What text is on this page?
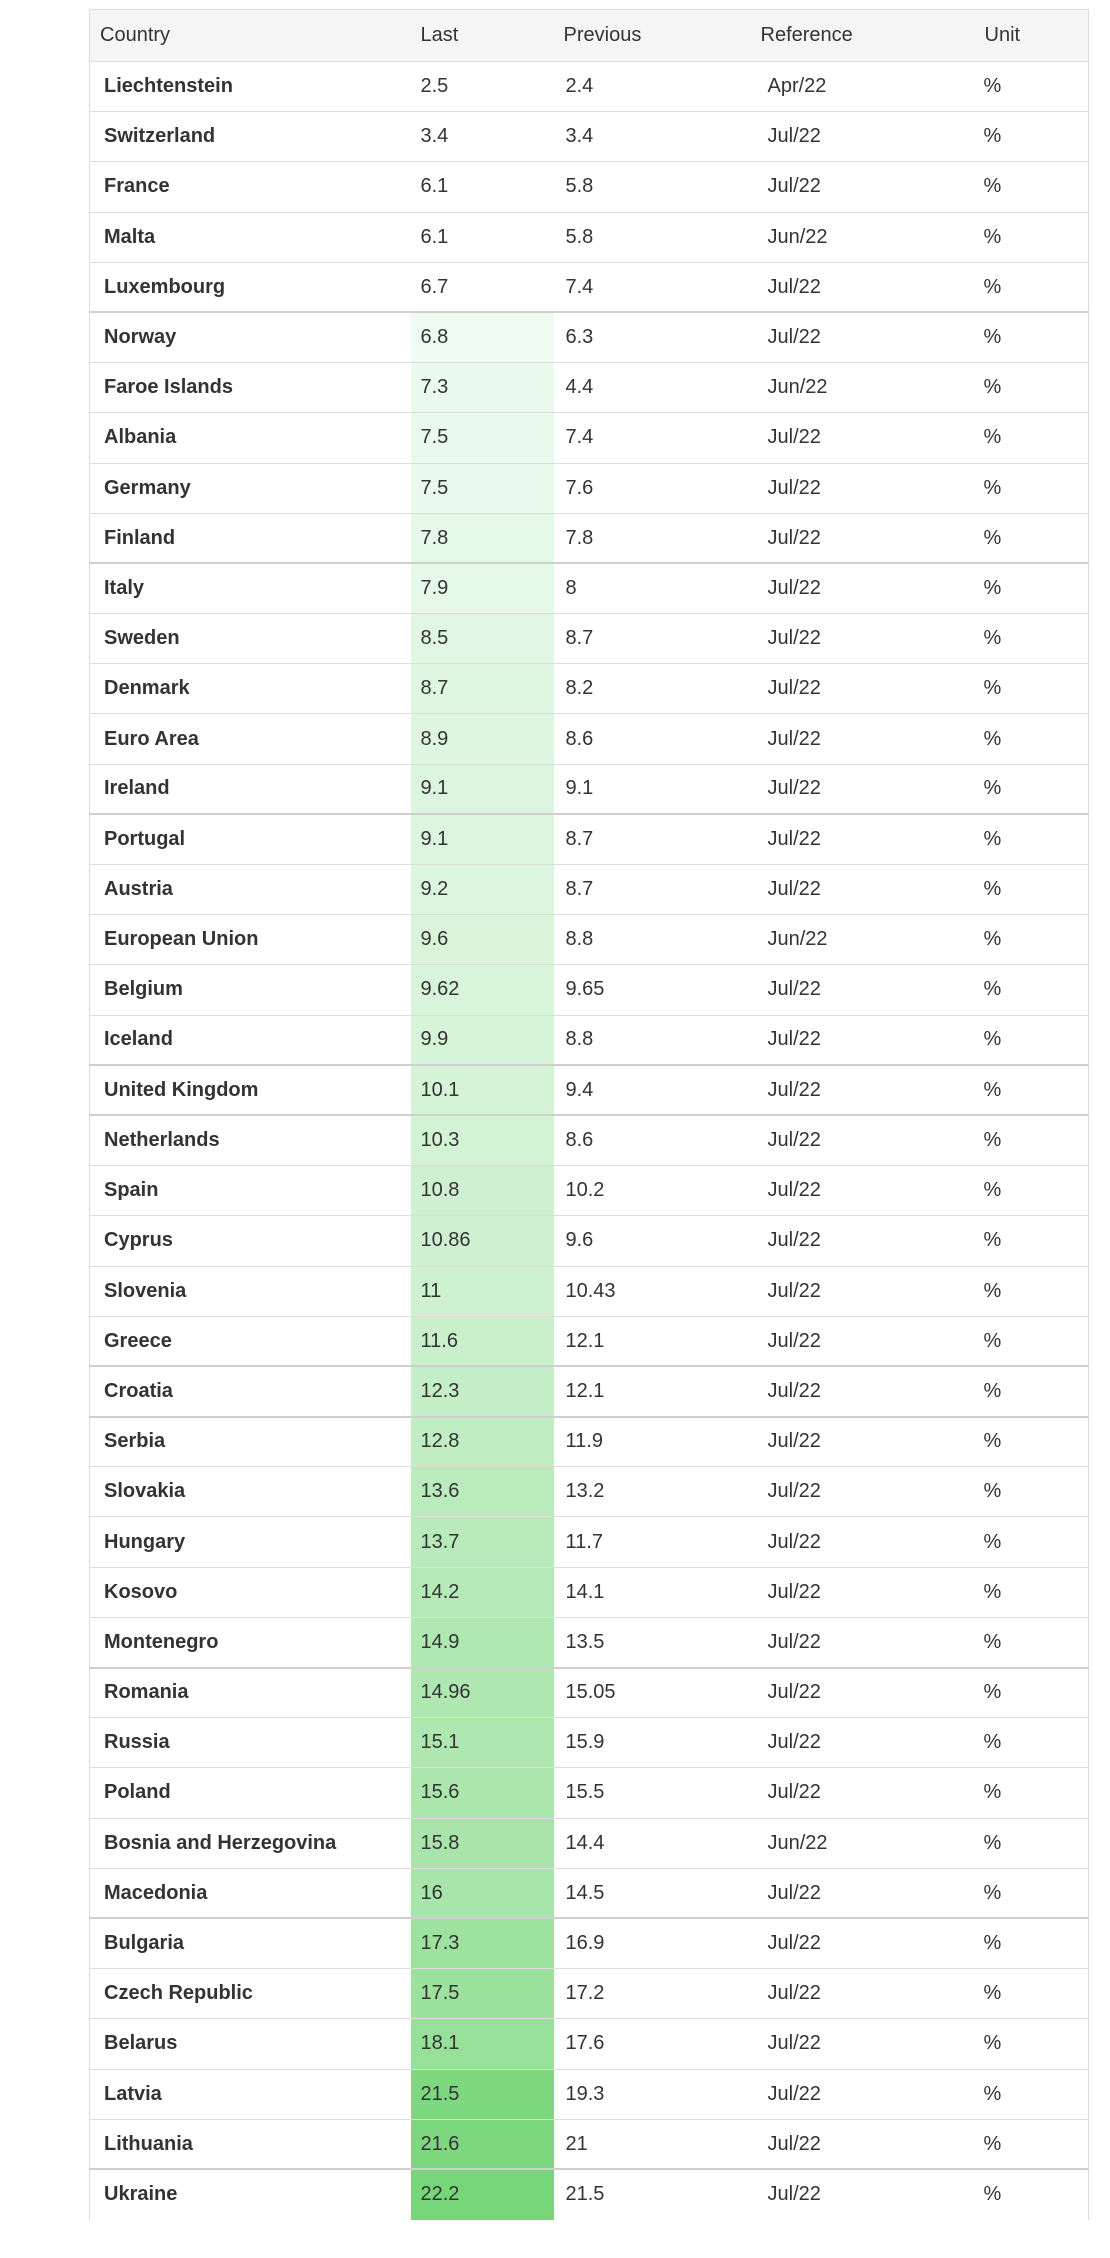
Country	Last	Previous	Reference	Unit
Liechtenstein	2.5	2.4	Apr/22	%
Switzerland	3.4	3.4	Jul/22	%
France	6.1	5.8	Jul/22	%
Malta	6.1	5.8	Jun/22	%
Luxembourg	6.7	7.4	Jul/22	%
Norway	6.8	6.3	Jul/22	%
Faroe Islands	7.3	4.4	Jun/22	%
Albania	7.5	7.4	Jul/22	%
Germany	7.5	7.6	Jul/22	%
Finland	7.8	7.8	Jul/22	%
Italy	7.9	8	Jul/22	%
Sweden	8.5	8.7	Jul/22	%
Denmark	8.7	8.2	Jul/22	%
Euro Area	8.9	8.6	Jul/22	%
Ireland	9.1	9.1	Jul/22	%
Portugal	9.1	8.7	Jul/22	%
Austria	9.2	8.7	Jul/22	%
European Union	9.6	8.8	Jun/22	%
Belgium	9.62	9.65	Jul/22	%
Iceland	9.9	8.8	Jul/22	%
United Kingdom	10.1	9.4	Jul/22	%
Netherlands	10.3	8.6	Jul/22	%
Spain	10.8	10.2	Jul/22	%
Cyprus	10.86	9.6	Jul/22	%
Slovenia	11	10.43	Jul/22	%
Greece	11.6	12.1	Jul/22	%
Croatia	12.3	12.1	Jul/22	%
Serbia	12.8	11.9	Jul/22	%
Slovakia	13.6	13.2	Jul/22	%
Hungary	13.7	11.7	Jul/22	%
Kosovo	14.2	14.1	Jul/22	%
Montenegro	14.9	13.5	Jul/22	%
Romania	14.96	15.05	Jul/22	%
Russia	15.1	15.9	Jul/22	%
Poland	15.6	15.5	Jul/22	%
Bosnia and Herzegovina	15.8	14.4	Jun/22	%
Macedonia	16	14.5	Jul/22	%
Bulgaria	17.3	16.9	Jul/22	%
Czech Republic	17.5	17.2	Jul/22	%
Belarus	18.1	17.6	Jul/22	%
Latvia	21.5	19.3	Jul/22	%
Lithuania	21.6	21	Jul/22	%
Ukraine	22.2	21.5	Jul/22	%
